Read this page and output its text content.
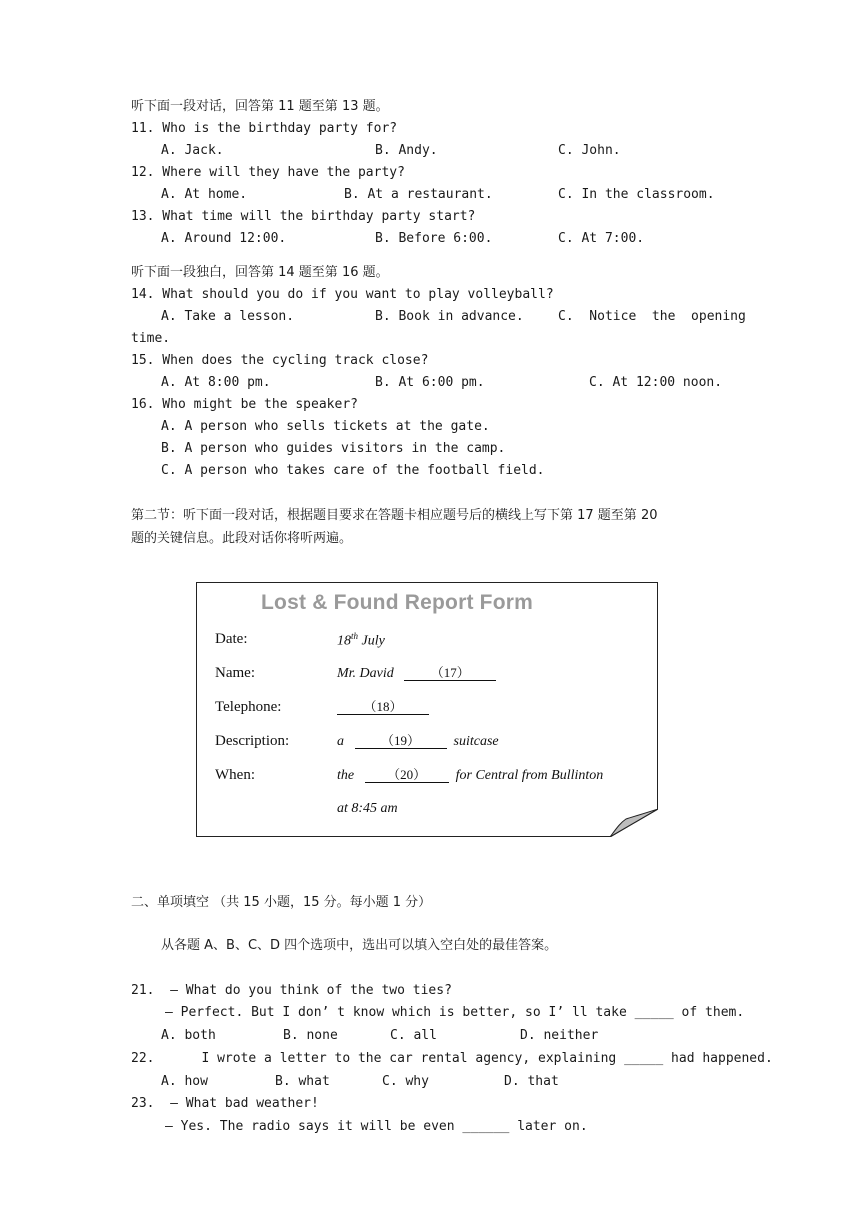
听下面一段对话，回答第 11 题至第 13 题。
11. Who is the birthday party for?
A. Jack.	B. Andy.	C. John.
12. Where will they have the party?
A. At home.	B. At a restaurant.	C. In the classroom.
13. What time will the birthday party start?
A. Around 12:00.	B. Before 6:00.	C. At 7:00.
听下面一段独白，回答第 14 题至第 16 题。
14. What should you do if you want to play volleyball?
A. Take a lesson.	B. Book in advance.	C.  Notice  the  opening
time.
15. When does the cycling track close?
A. At 8:00 pm.	B. At 6:00 pm.	C. At 12:00 noon.
16. Who might be the speaker?
A. A person who sells tickets at the gate.
B. A person who guides visitors in the camp.
C. A person who takes care of the football field.
第二节：听下面一段对话，根据题目要求在答题卡相应题号后的横线上写下第 17 题至第 20
题的关键信息。此段对话你将听两遍。
Lost & Found Report Form
Date:	18th July
Name:	Mr. David	（17）
Telephone:	（18）
Description:	a	（19） suitcase
When:	the	（20） for Central from Bullinton
at 8:45 am
二、单项填空 （共 15 小题，15 分。每小题 1 分）
从各题 A、B、C、D 四个选项中，选出可以填入空白处的最佳答案。
21.  – What do you think of the two ties?
– Perfect. But I don’ t know which is better, so I’ ll take _____ of them.
A. both	B. none	C. all	D. neither
22.      I wrote a letter to the car rental agency, explaining _____ had happened.
A. how	B. what	C. why	D. that
23.  – What bad weather!
– Yes. The radio says it will be even ______ later on.
